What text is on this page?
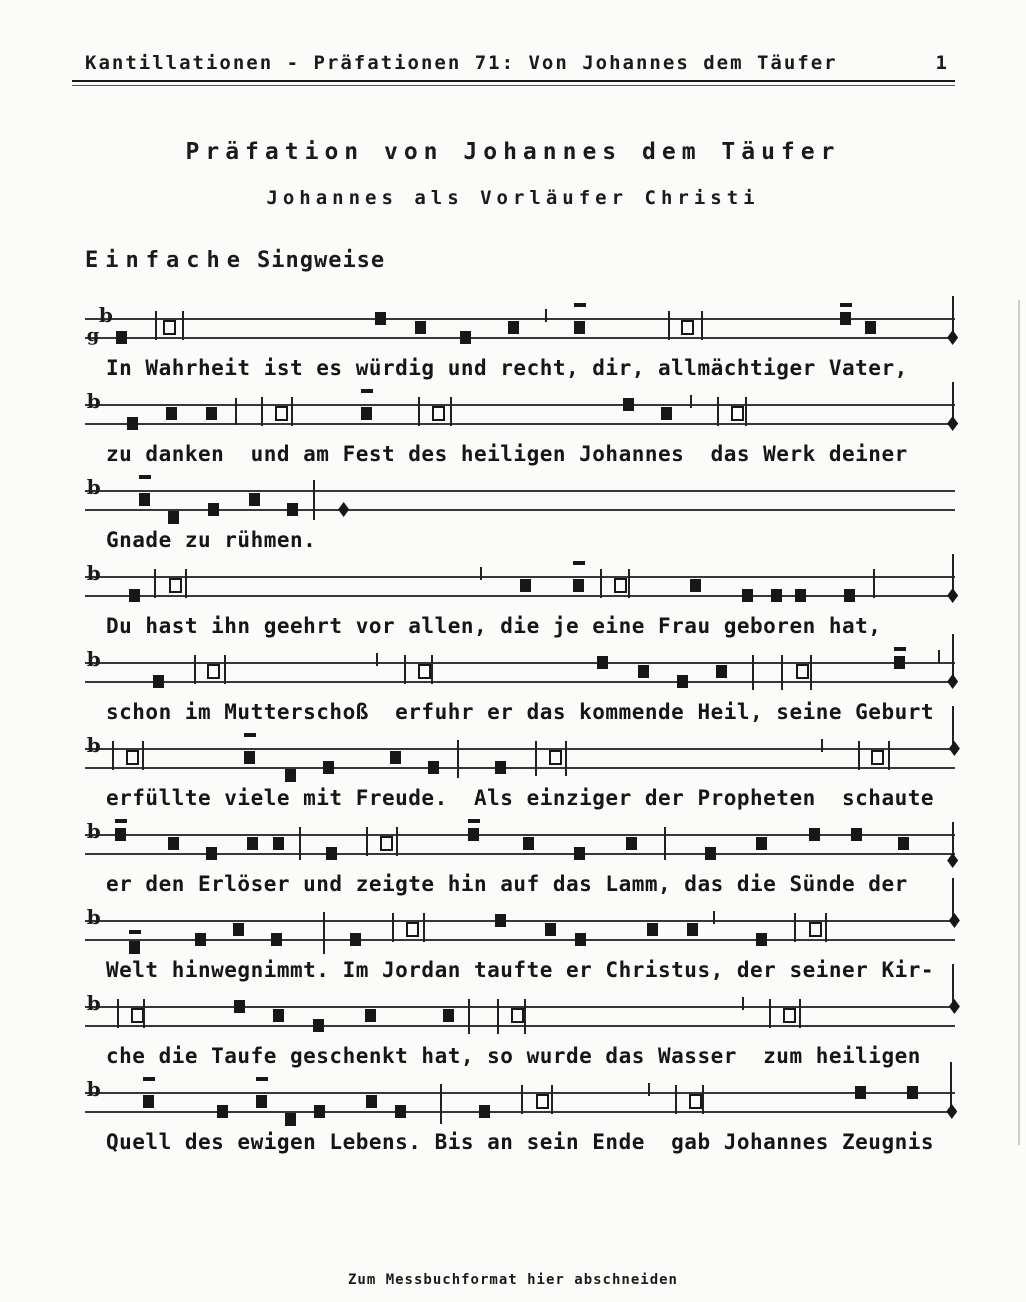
Kantillationen - Präfationen 71: Von Johannes dem Täufer	1
Präfation von Johannes dem Täufer
Johannes als Vorläufer Christi
Einfache Singweise
g
b
In Wahrheit ist es würdig und recht, dir, allmächtiger Vater,
b
zu danken  und am Fest des heiligen Johannes  das Werk deiner
b
Gnade zu rühmen.
b
Du hast ihn geehrt vor allen, die je eine Frau geboren hat,
b
schon im Mutterschoß  erfuhr er das kommende Heil, seine Geburt
b
erfüllte viele mit Freude.  Als einziger der Propheten  schaute
b
er den Erlöser und zeigte hin auf das Lamm, das die Sünde der
b
Welt hinwegnimmt. Im Jordan taufte er Christus, der seiner Kir-
b
che die Taufe geschenkt hat, so wurde das Wasser  zum heiligen
b
Quell des ewigen Lebens. Bis an sein Ende  gab Johannes Zeugnis
Zum Messbuchformat hier abschneiden
